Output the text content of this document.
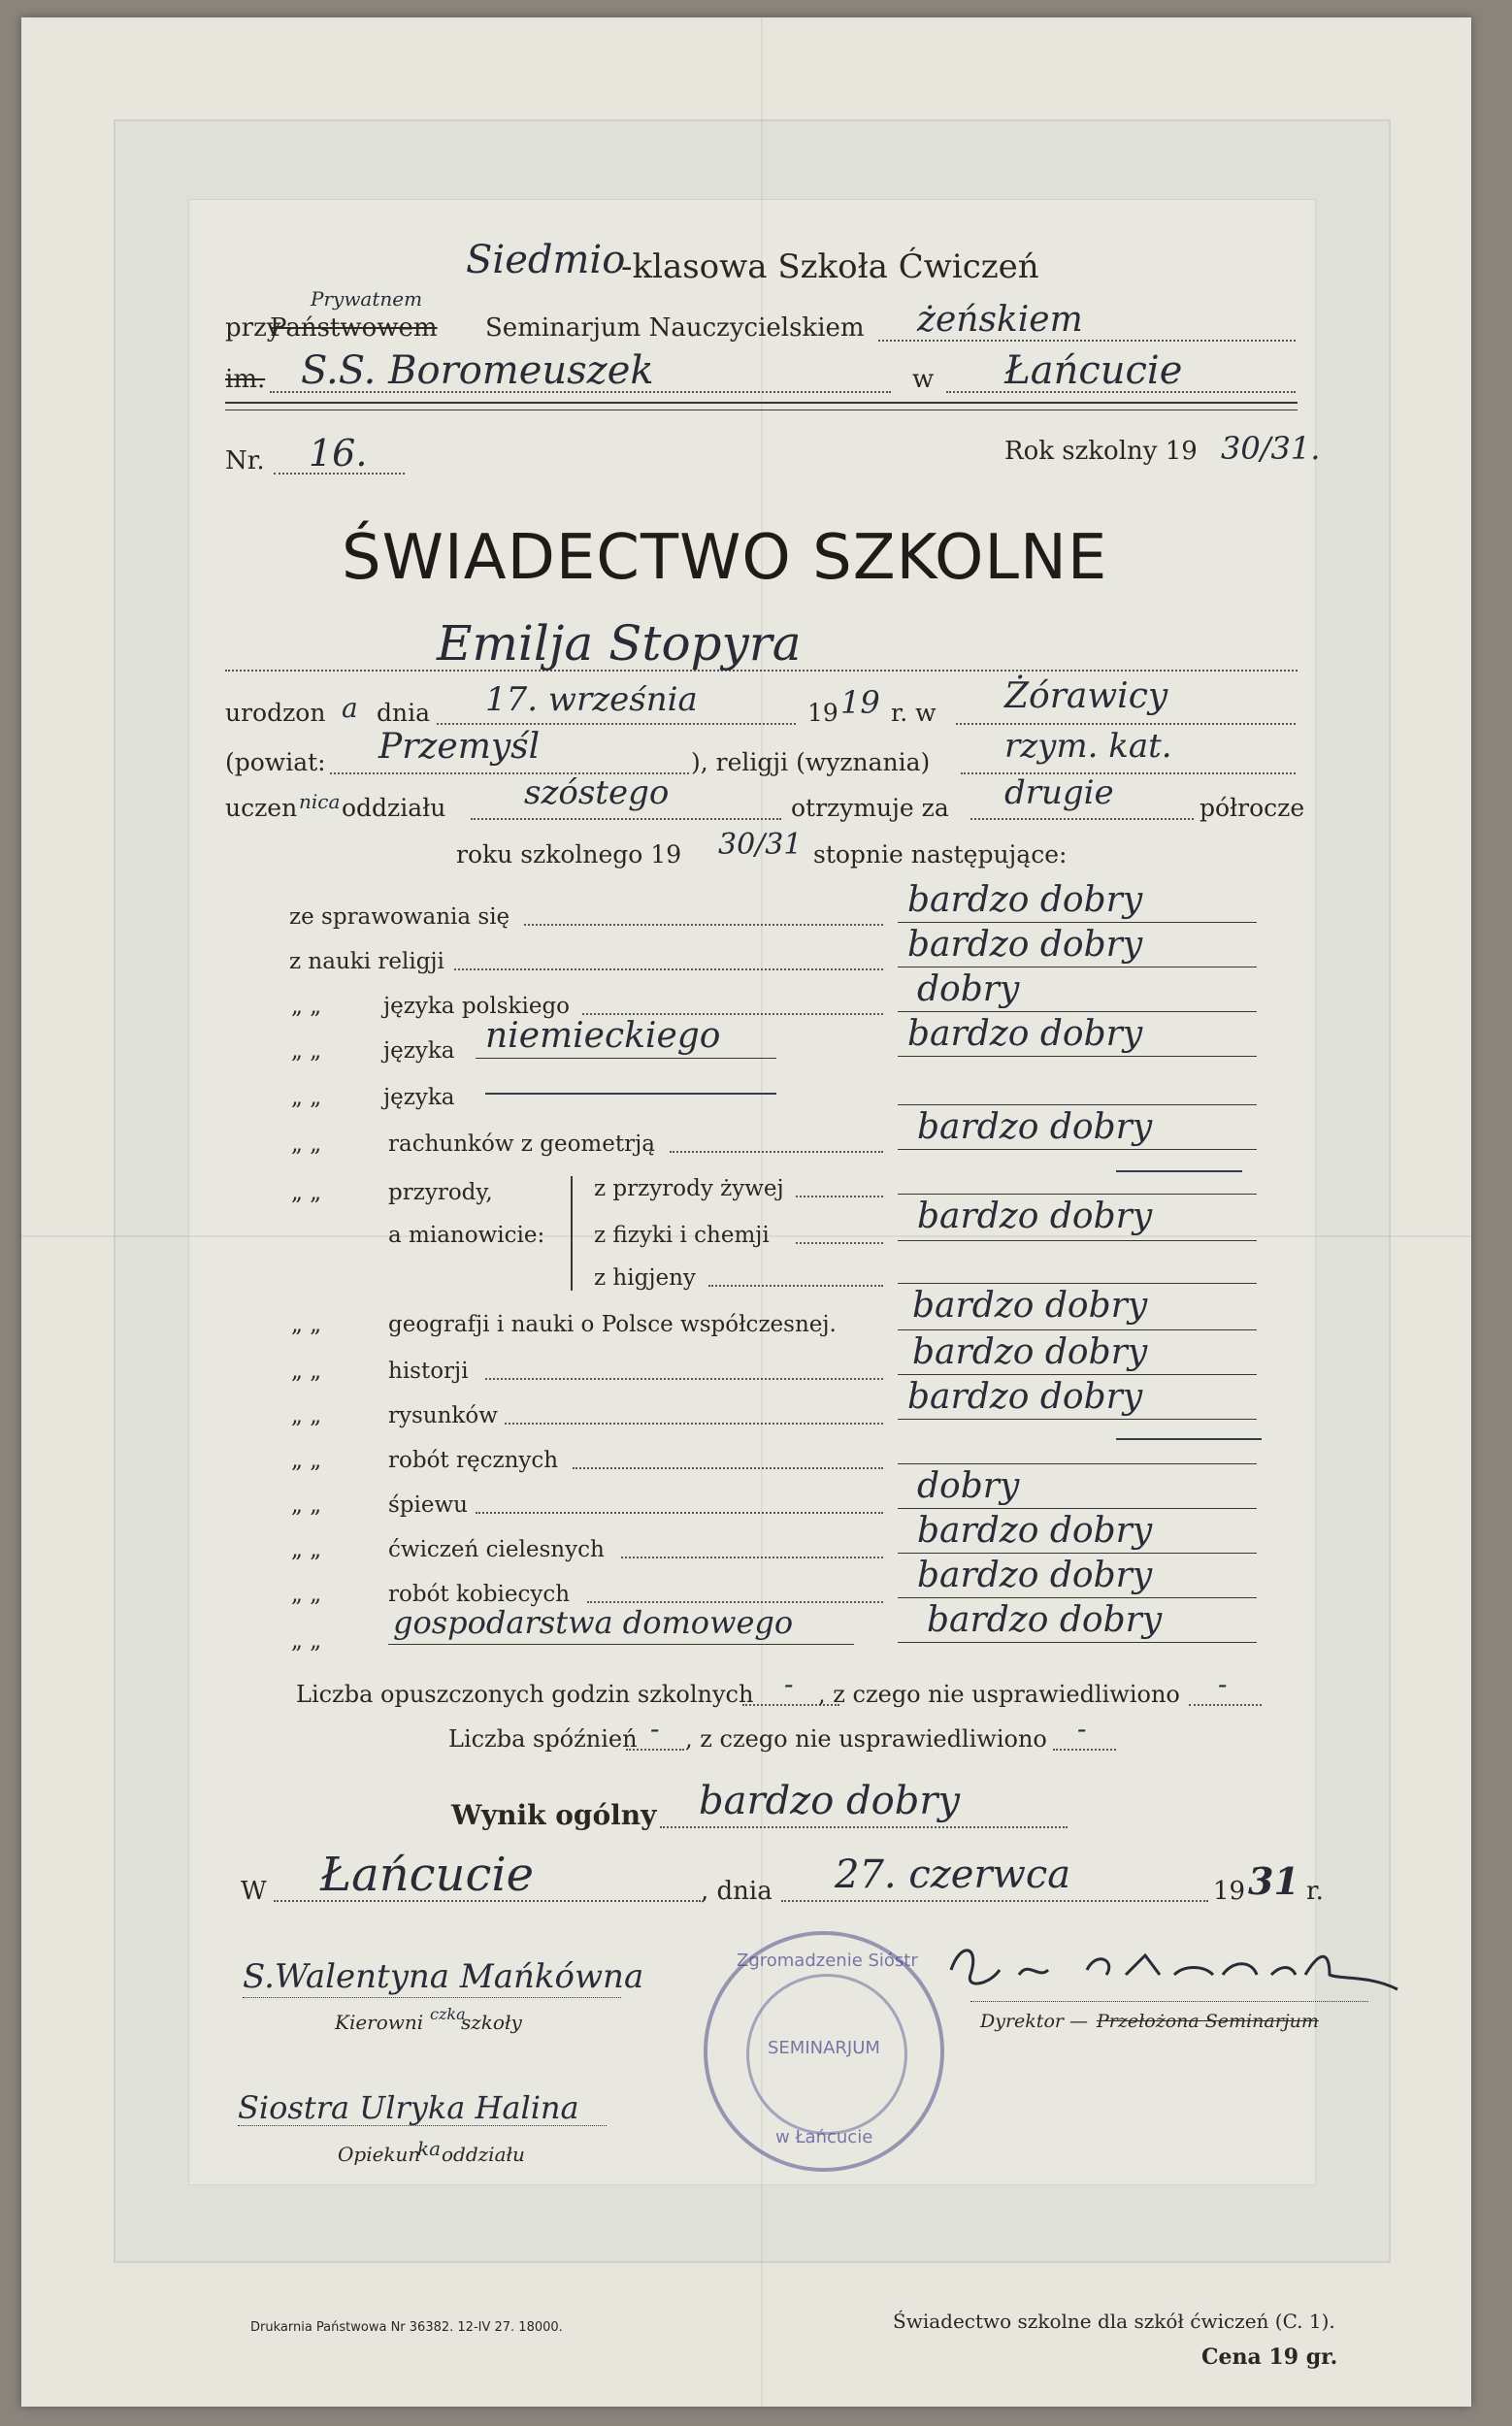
Siedmio
-klasowa Szkoła Ćwiczeń
przy
Prywatnem
Państwowem Seminarjum Nauczycielskiem żeńskiem
im. S.S. Boromeuszek	w Łańcucie
Nr. 16.	Rok szkolny 19 30/31.
ŚWIADECTWO SZKOLNE
Emilja Stopyra
urodzon a dnia 17. września	19 19 r. w Żórawicy
(powiat: Przemyśl	), religji (wyznania) rzym. kat.
uczen nica oddziału szóstego	otrzymuje za drugie	półrocze
roku szkolnego 19 30/31 stopnie następujące:
ze sprawowania się	bardzo dobry
z nauki religji	bardzo dobry
„ „	języka polskiego	dobry
„ „	języka niemieckiego	bardzo dobry
„ „	języka
„ „	rachunków z geometrją	bardzo dobry
„ „	przyrody,
a mianowicie:
z przyrody żywej
z fizyki i chemji	bardzo dobry
z higjeny
„ „	geografji i nauki o Polsce współczesnej. bardzo dobry
„ „	historji	bardzo dobry
„ „	rysunków	bardzo dobry
„ „	robót ręcznych
„ „	śpiewu	dobry
„ „	ćwiczeń cielesnych	bardzo dobry
„ „	robót kobiecych	bardzo dobry
„ „ gospodarstwa domowego	bardzo dobry
Liczba opuszczonych godzin szkolnych - , z czego nie usprawiedliwiono -
Liczba spóźnień - , z czego nie usprawiedliwiono -
Wynik ogólny bardzo dobry
W Łańcucie	, dnia 27. czerwca	19 31 r.
S.Walentyna Mańkówna
Kierowni czka
szkoły
Siostra Ulryka Halina
Opiekun
ka oddziału
Zgromadzenie Sióstr
SEMINARJUM
w Łańcucie
Dyrektor — Przełożona Seminarjum
Drukarnia Państwowa Nr 36382. 12-IV 27. 18000.	Świadectwo szkolne dla szkół ćwiczeń (C. 1).
Cena 19 gr.
